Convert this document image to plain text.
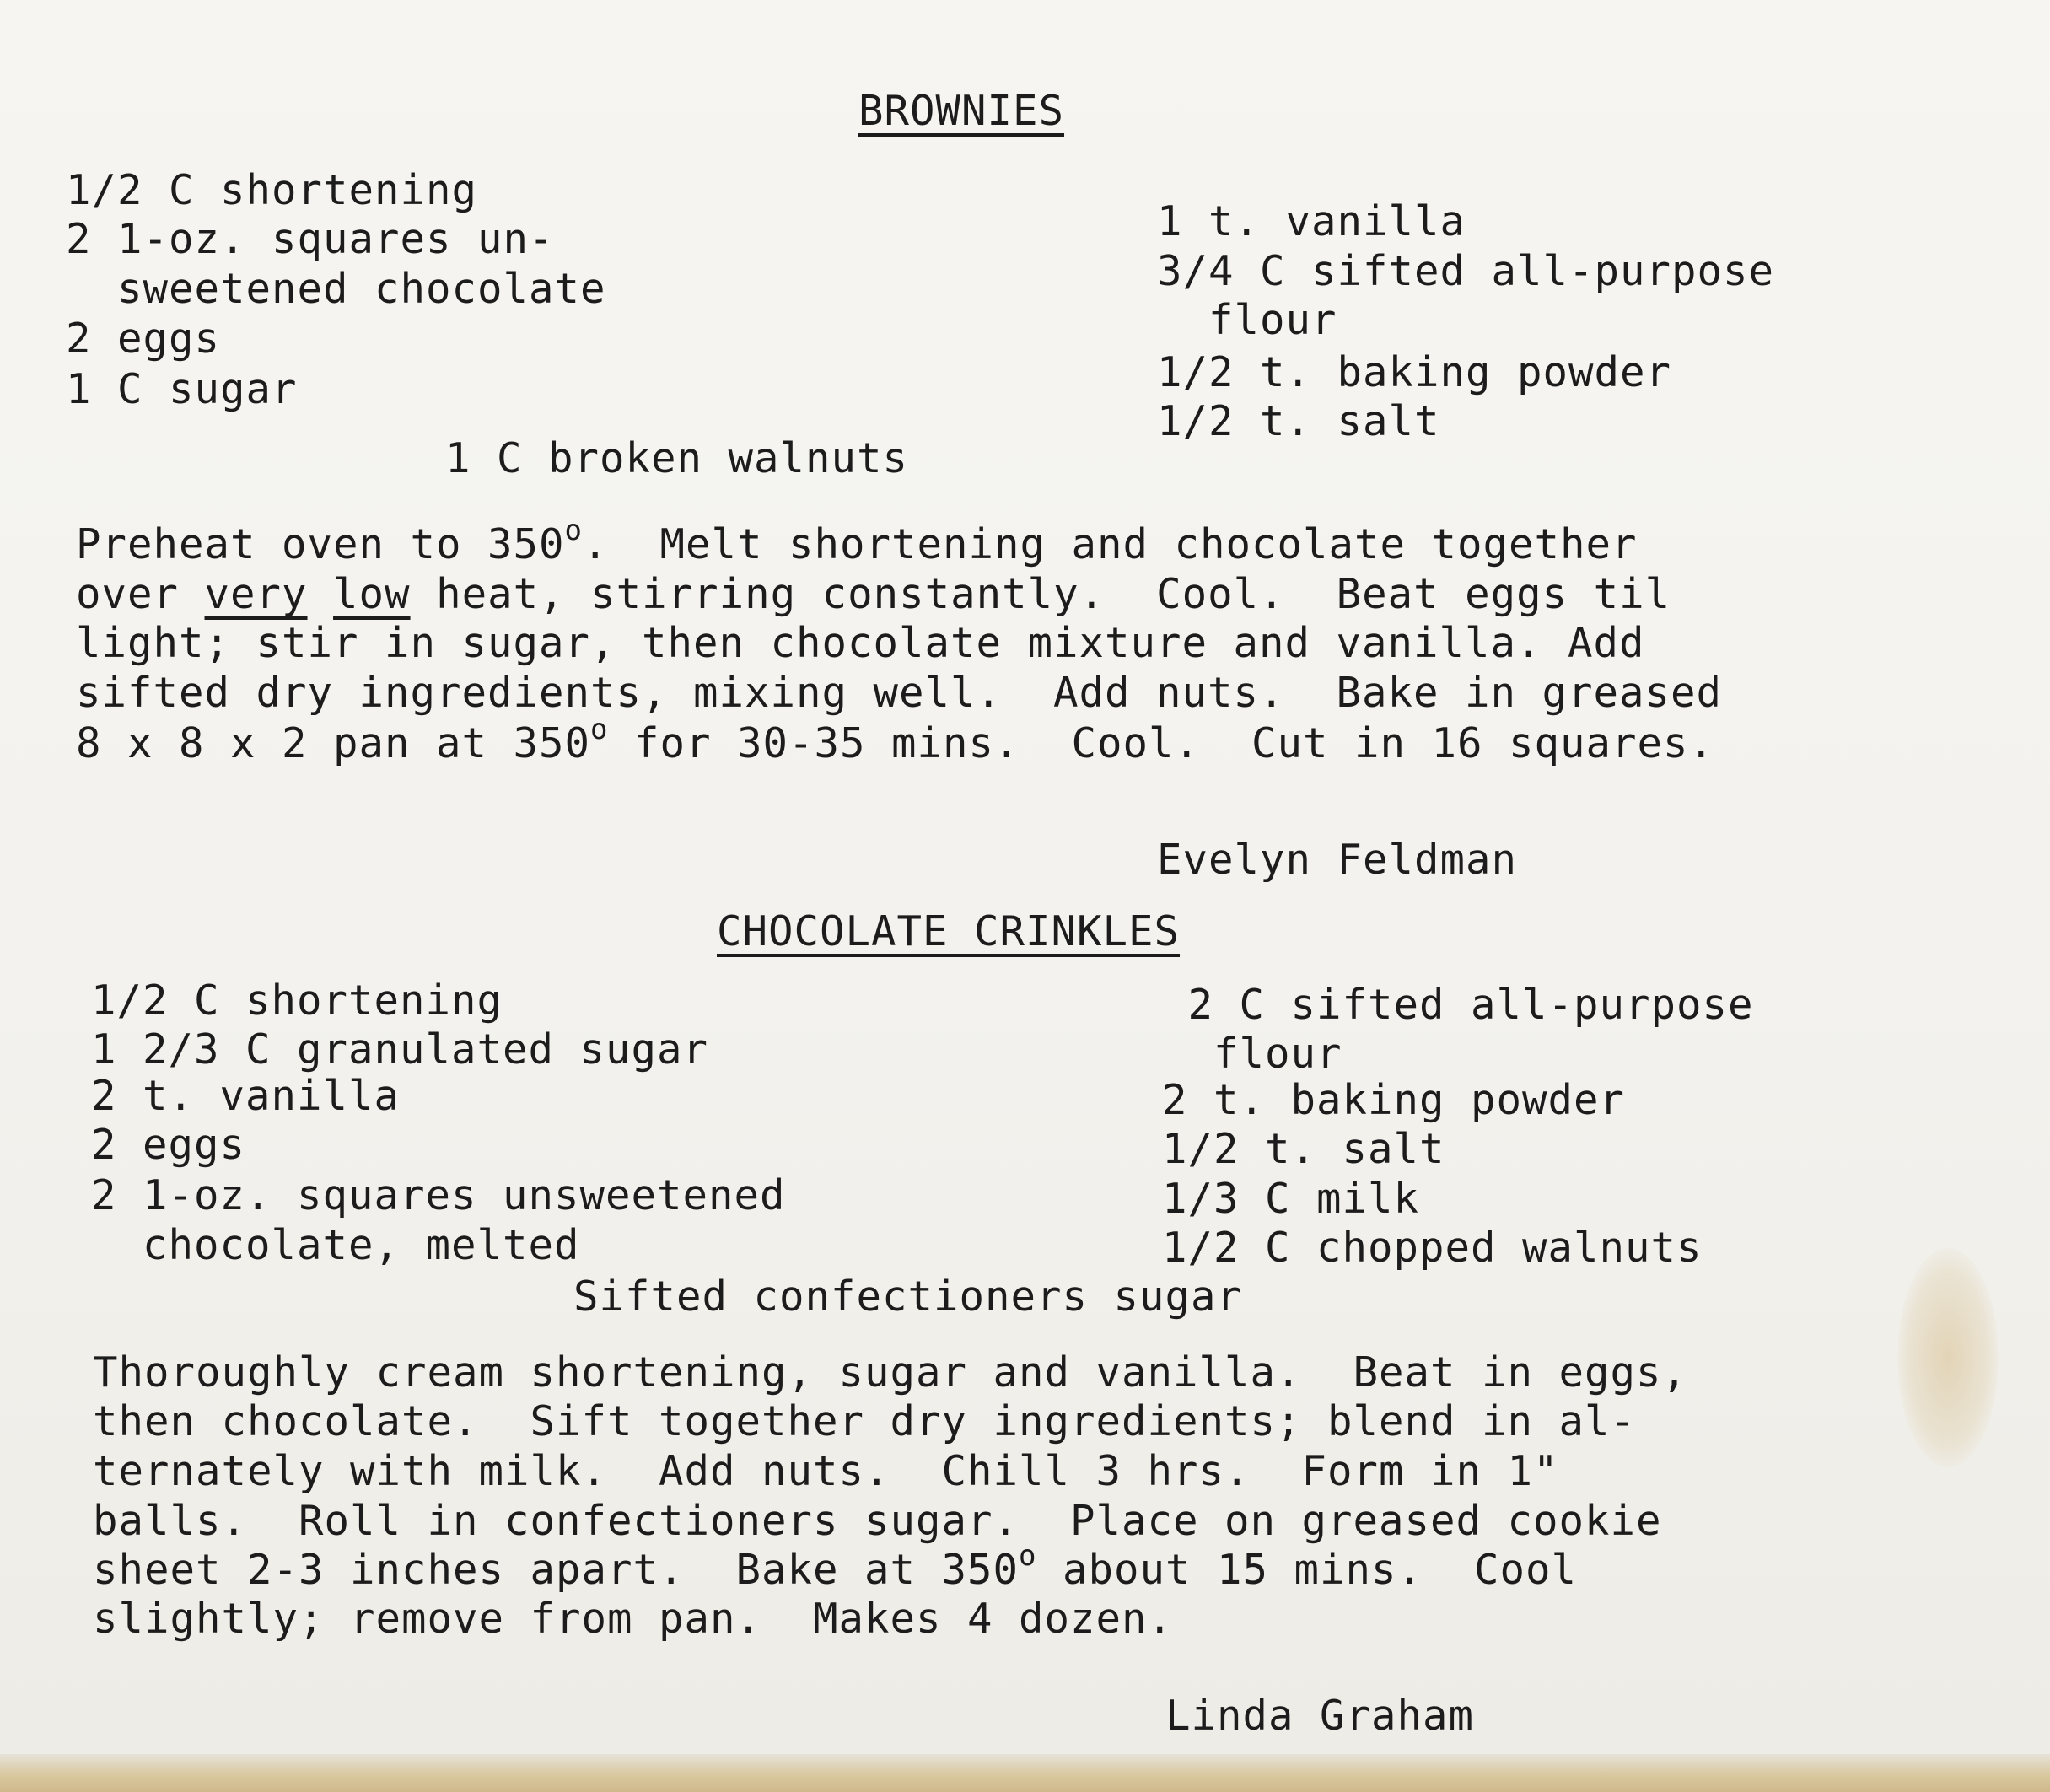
BROWNIES
1/2 C shortening
2 1-oz. squares un-
sweetened chocolate
2 eggs
1 C sugar
1 t. vanilla
3/4 C sifted all-purpose
flour
1/2 t. baking powder
1/2 t. salt
1 C broken walnuts
Preheat oven to 350$^o$.  Melt shortening and chocolate together
over very low heat, stirring constantly.  Cool.  Beat eggs til
light; stir in sugar, then chocolate mixture and vanilla. Add
sifted dry ingredients, mixing well.  Add nuts.  Bake in greased
8 x 8 x 2 pan at 350$^o$ for 30-35 mins.  Cool.  Cut in 16 squares.
Evelyn Feldman
CHOCOLATE CRINKLES
1/2 C shortening
1 2/3 C granulated sugar
2 t. vanilla
2 eggs
2 1-oz. squares unsweetened
chocolate, melted
2 C sifted all-purpose
flour
2 t. baking powder
1/2 t. salt
1/3 C milk
1/2 C chopped walnuts
Sifted confectioners sugar
Thoroughly cream shortening, sugar and vanilla.  Beat in eggs,
then chocolate.  Sift together dry ingredients; blend in al-
ternately with milk.  Add nuts.  Chill 3 hrs.  Form in 1"
balls.  Roll in confectioners sugar.  Place on greased cookie
sheet 2-3 inches apart.  Bake at 350$^o$ about 15 mins.  Cool
slightly; remove from pan.  Makes 4 dozen.
Linda Graham
